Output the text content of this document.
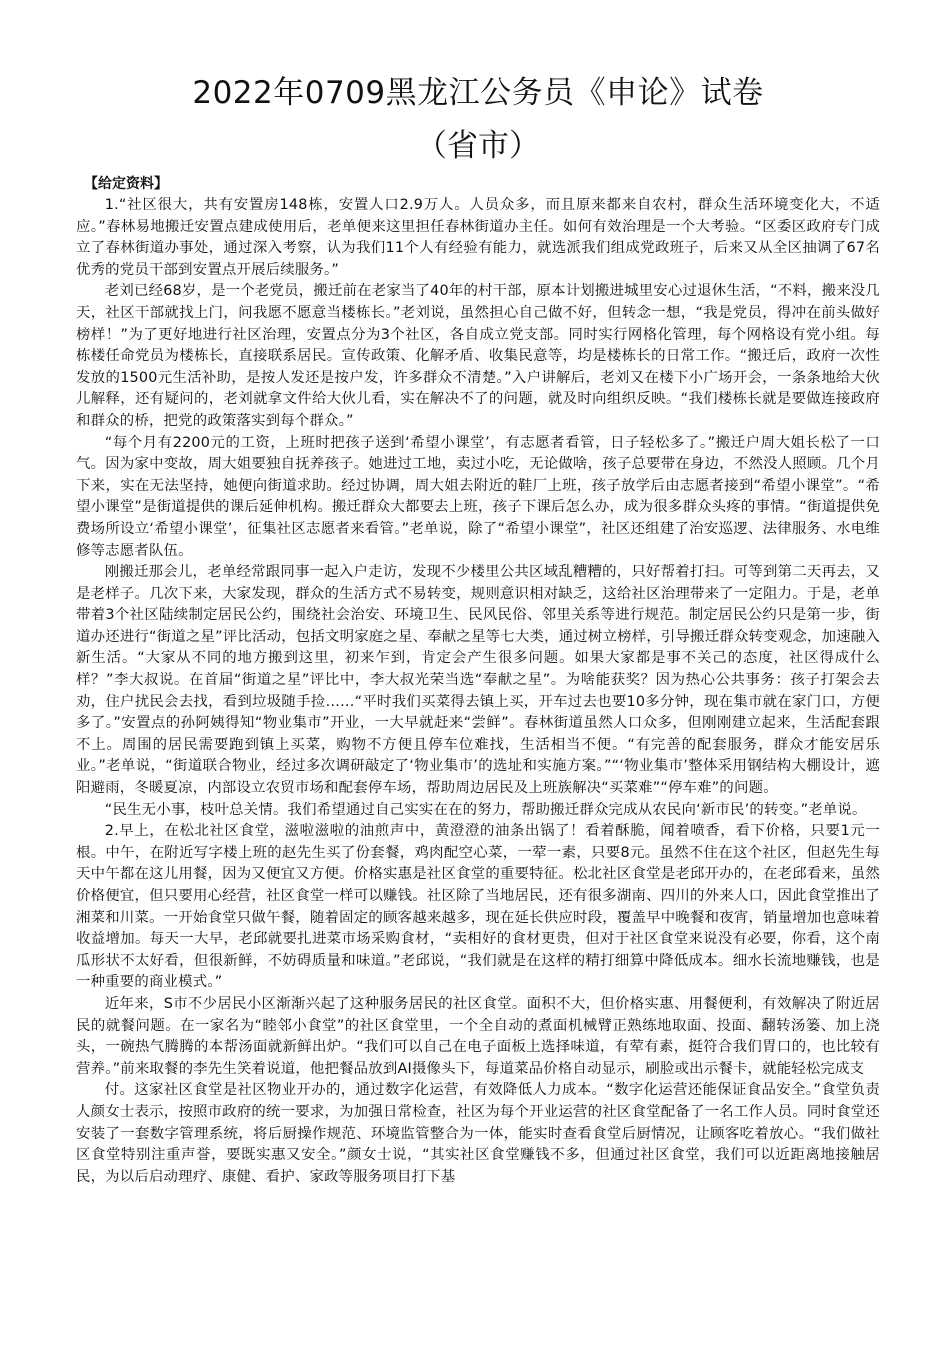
2022年0709黑龙江公务员《申论》试卷
（省市）
【给定资料】

1.“社区很大，共有安置房148栋，安置人口2.9万人。人员众多，而且原来都来自农村，群众生活环境变化大，不适应。”春林易地搬迁安置点建成使用后，老单便来这里担任春林街道办主任。如何有效治理是一个大考验。“区委区政府专门成立了春林街道办事处，通过深入考察，认为我们11个人有经验有能力，就选派我们组成党政班子，后来又从全区抽调了67名优秀的党员干部到安置点开展后续服务。”

老刘已经68岁，是一个老党员，搬迁前在老家当了40年的村干部，原本计划搬进城里安心过退休生活，“不料，搬来没几天，社区干部就找上门，问我愿不愿意当楼栋长。”老刘说，虽然担心自己做不好，但转念一想，“我是党员，得冲在前头做好榜样！”为了更好地进行社区治理，安置点分为3个社区，各自成立党支部。同时实行网格化管理，每个网格设有党小组。每栋楼任命党员为楼栋长，直接联系居民。宣传政策、化解矛盾、收集民意等，均是楼栋长的日常工作。“搬迁后，政府一次性发放的1500元生活补助，是按人发还是按户发，许多群众不清楚。”入户讲解后，老刘又在楼下小广场开会，一条条地给大伙儿解释，还有疑问的，老刘就拿文件给大伙儿看，实在解决不了的问题，就及时向组织反映。“我们楼栋长就是要做连接政府和群众的桥，把党的政策落实到每个群众。”

“每个月有2200元的工资，上班时把孩子送到‘希望小课堂’，有志愿者看管，日子轻松多了。”搬迁户周大姐长松了一口气。因为家中变故，周大姐要独自抚养孩子。她进过工地，卖过小吃，无论做啥，孩子总要带在身边，不然没人照顾。几个月下来，实在无法坚持，她便向街道求助。经过协调，周大姐去附近的鞋厂上班，孩子放学后由志愿者接到“希望小课堂”。“希望小课堂”是街道提供的课后延伸机构。搬迁群众大都要去上班，孩子下课后怎么办，成为很多群众头疼的事情。“街道提供免费场所设立‘希望小课堂’，征集社区志愿者来看管。”老单说，除了“希望小课堂”，社区还组建了治安巡逻、法律服务、水电维修等志愿者队伍。

刚搬迁那会儿，老单经常跟同事一起入户走访，发现不少楼里公共区域乱糟糟的，只好帮着打扫。可等到第二天再去，又是老样子。几次下来，大家发现，群众的生活方式不易转变，规则意识相对缺乏，这给社区治理带来了一定阻力。于是，老单带着3个社区陆续制定居民公约，围绕社会治安、环境卫生、民风民俗、邻里关系等进行规范。制定居民公约只是第一步，街道办还进行“街道之星”评比活动，包括文明家庭之星、奉献之星等七大类，通过树立榜样，引导搬迁群众转变观念，加速融入新生活。“大家从不同的地方搬到这里，初来乍到，肯定会产生很多问题。如果大家都是事不关己的态度，社区得成什么样？”李大叔说。在首届“街道之星”评比中，李大叔光荣当选“奉献之星”。为啥能获奖？因为热心公共事务：孩子打架会去劝，住户扰民会去找，看到垃圾随手捡……“平时我们买菜得去镇上买，开车过去也要10多分钟，现在集市就在家门口，方便多了。”安置点的孙阿姨得知“物业集市”开业，一大早就赶来“尝鲜”。春林街道虽然人口众多，但刚刚建立起来，生活配套跟不上。周围的居民需要跑到镇上买菜，购物不方便且停车位难找，生活相当不便。“有完善的配套服务，群众才能安居乐业。”老单说，“街道联合物业，经过多次调研敲定了‘物业集市’的选址和实施方案。”“‘物业集市’整体采用钢结构大棚设计，遮阳避雨，冬暖夏凉，内部设立农贸市场和配套停车场，帮助周边居民及上班族解决“买菜难”“停车难”的问题。

“民生无小事，枝叶总关情。我们希望通过自己实实在在的努力，帮助搬迁群众完成从农民向‘新市民’的转变。”老单说。

2.早上，在松北社区食堂，滋啦滋啦的油煎声中，黄澄澄的油条出锅了！看着酥脆，闻着喷香，看下价格，只要1元一根。中午，在附近写字楼上班的赵先生买了份套餐，鸡肉配空心菜，一荤一素，只要8元。虽然不住在这个社区，但赵先生每天中午都在这儿用餐，因为又便宜又方便。价格实惠是社区食堂的重要特征。松北社区食堂是老邱开办的，在老邱看来，虽然价格便宜，但只要用心经营，社区食堂一样可以赚钱。社区除了当地居民，还有很多湖南、四川的外来人口，因此食堂推出了湘菜和川菜。一开始食堂只做午餐，随着固定的顾客越来越多，现在延长供应时段，覆盖早中晚餐和夜宵，销量增加也意味着收益增加。每天一大早，老邱就要扎进菜市场采购食材，“卖相好的食材更贵，但对于社区食堂来说没有必要，你看，这个南瓜形状不太好看，但很新鲜，不妨碍质量和味道。”老邱说，“我们就是在这样的精打细算中降低成本。细水长流地赚钱，也是一种重要的商业模式。”

近年来，S市不少居民小区渐渐兴起了这种服务居民的社区食堂。面积不大，但价格实惠、用餐便利，有效解决了附近居民的就餐问题。在一家名为“睦邻小食堂”的社区食堂里，一个全自动的煮面机械臂正熟练地取面、投面、翻转汤篓、加上浇头，一碗热气腾腾的本帮汤面就新鲜出炉。“我们可以自己在电子面板上选择味道，有荤有素，挺符合我们胃口的，也比较有营养。”前来取餐的李先生笑着说道，他把餐品放到AI摄像头下，每道菜品价格自动显示，刷脸或出示餐卡，就能轻松完成支

付。这家社区食堂是社区物业开办的，通过数字化运营，有效降低人力成本。“数字化运营还能保证食品安全。”食堂负责人颜女士表示，按照市政府的统一要求，为加强日常检查，社区为每个开业运营的社区食堂配备了一名工作人员。同时食堂还安装了一套数字管理系统，将后厨操作规范、环境监管整合为一体，能实时查看食堂后厨情况，让顾客吃着放心。“我们做社区食堂特别注重声誉，要既实惠又安全。”颜女士说，“其实社区食堂赚钱不多，但通过社区食堂，我们可以近距离地接触居民，为以后启动理疗、康健、看护、家政等服务项目打下基
